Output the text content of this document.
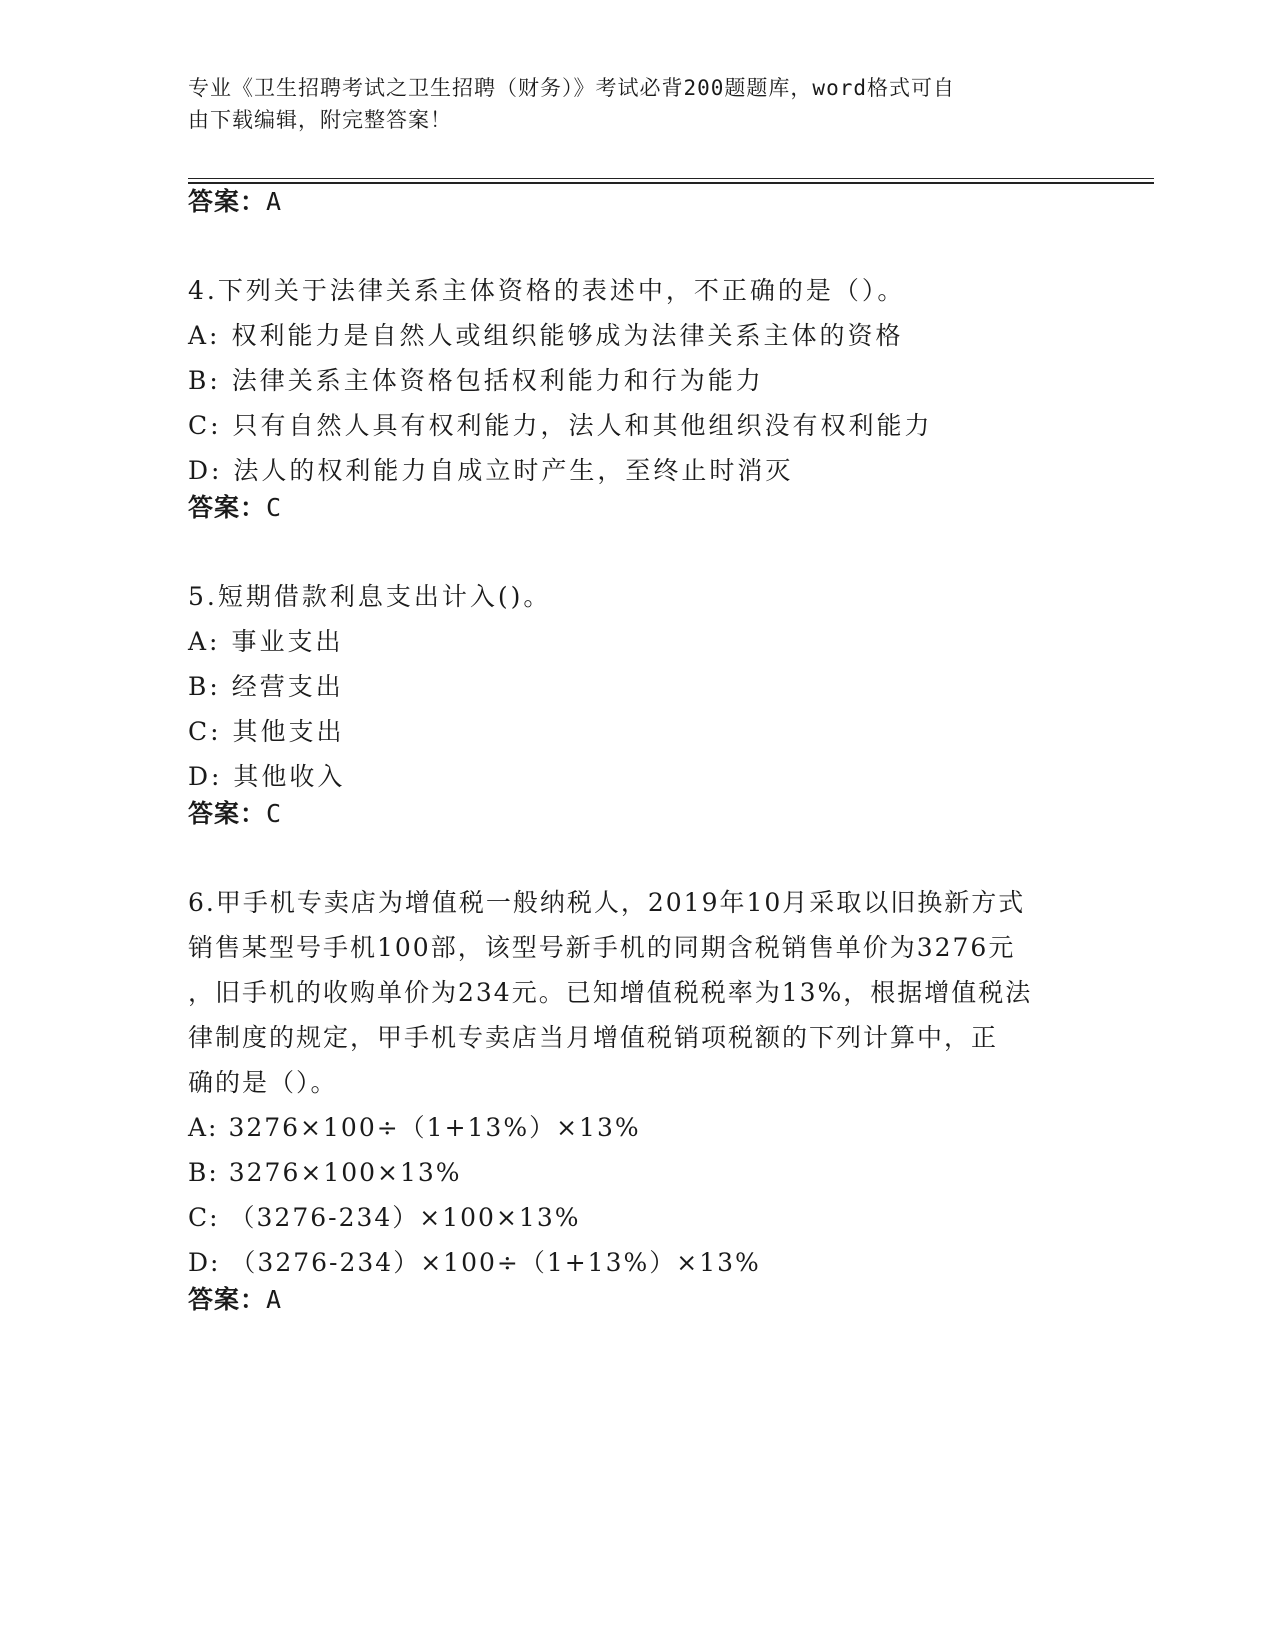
专业《卫生招聘考试之卫生招聘（财务）》考试必背200题题库，word格式可自
由下载编辑，附完整答案！
答案：A

4.下列关于法律关系主体资格的表述中，不正确的是（）。

A: 权利能力是自然人或组织能够成为法律关系主体的资格

B: 法律关系主体资格包括权利能力和行为能力

C: 只有自然人具有权利能力，法人和其他组织没有权利能力

D: 法人的权利能力自成立时产生，至终止时消灭

答案：C

5.短期借款利息支出计入()。

A: 事业支出

B: 经营支出

C: 其他支出

D: 其他收入

答案：C

6.甲手机专卖店为增值税一般纳税人，2019年10月采取以旧换新方式

销售某型号手机100部，该型号新手机的同期含税销售单价为3276元

，旧手机的收购单价为234元。已知增值税税率为13%，根据增值税法

律制度的规定，甲手机专卖店当月增值税销项税额的下列计算中，正

确的是（）。

A: 3276×100÷（1+13%）×13%

B: 3276×100×13%

C: （3276-234）×100×13%

D: （3276-234）×100÷（1+13%）×13%

答案：A
